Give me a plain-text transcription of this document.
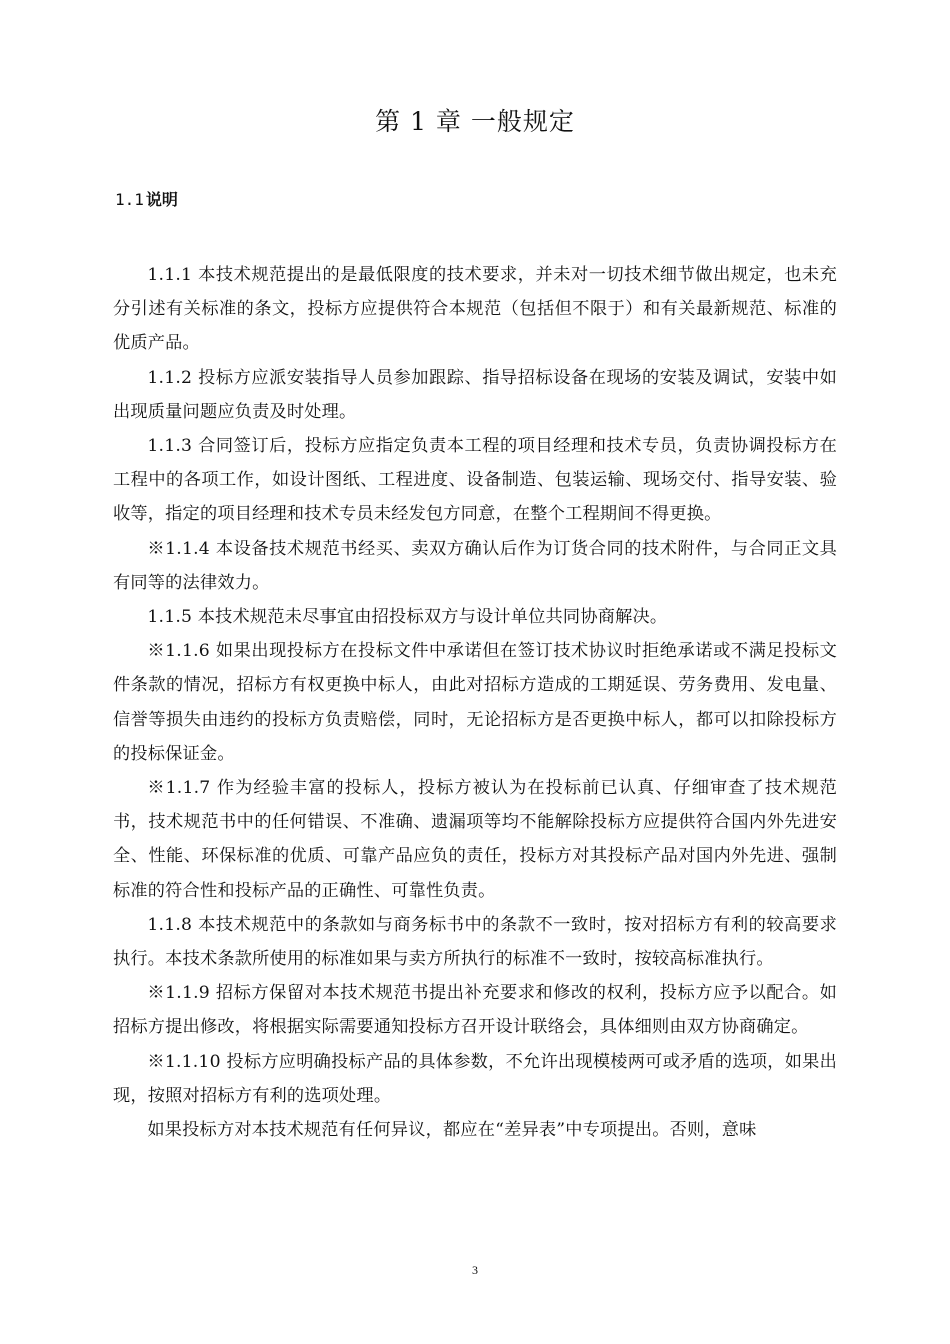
第 1 章 一般规定
1.1 说明

1.1.1 本技术规范提出的是最低限度的技术要求，并未对一切技术细节做出规定，也未充分引述有关标准的条文，投标方应提供符合本规范（包括但不限于）和有关最新规范、标准的优质产品。

1.1.2 投标方应派安装指导人员参加跟踪、指导招标设备在现场的安装及调试，安装中如出现质量问题应负责及时处理。

1.1.3 合同签订后，投标方应指定负责本工程的项目经理和技术专员，负责协调投标方在工程中的各项工作，如设计图纸、工程进度、设备制造、包装运输、现场交付、指导安装、验收等，指定的项目经理和技术专员未经发包方同意，在整个工程期间不得更换。

※1.1.4 本设备技术规范书经买、卖双方确认后作为订货合同的技术附件，与合同正文具有同等的法律效力。

1.1.5 本技术规范未尽事宜由招投标双方与设计单位共同协商解决。

※1.1.6 如果出现投标方在投标文件中承诺但在签订技术协议时拒绝承诺或不满足投标文件条款的情况，招标方有权更换中标人，由此对招标方造成的工期延误、劳务费用、发电量、信誉等损失由违约的投标方负责赔偿，同时，无论招标方是否更换中标人，都可以扣除投标方的投标保证金。

※1.1.7 作为经验丰富的投标人，投标方被认为在投标前已认真、仔细审查了技术规范书，技术规范书中的任何错误、不准确、遗漏项等均不能解除投标方应提供符合国内外先进安全、性能、环保标准的优质、可靠产品应负的责任，投标方对其投标产品对国内外先进、强制标准的符合性和投标产品的正确性、可靠性负责。

1.1.8 本技术规范中的条款如与商务标书中的条款不一致时，按对招标方有利的较高要求执行。本技术条款所使用的标准如果与卖方所执行的标准不一致时，按较高标准执行。

※1.1.9 招标方保留对本技术规范书提出补充要求和修改的权利，投标方应予以配合。如招标方提出修改，将根据实际需要通知投标方召开设计联络会，具体细则由双方协商确定。

※1.1.10 投标方应明确投标产品的具体参数，不允许出现模棱两可或矛盾的选项，如果出现，按照对招标方有利的选项处理。

如果投标方对本技术规范有任何异议，都应在“差异表”中专项提出。否则，意味

3
